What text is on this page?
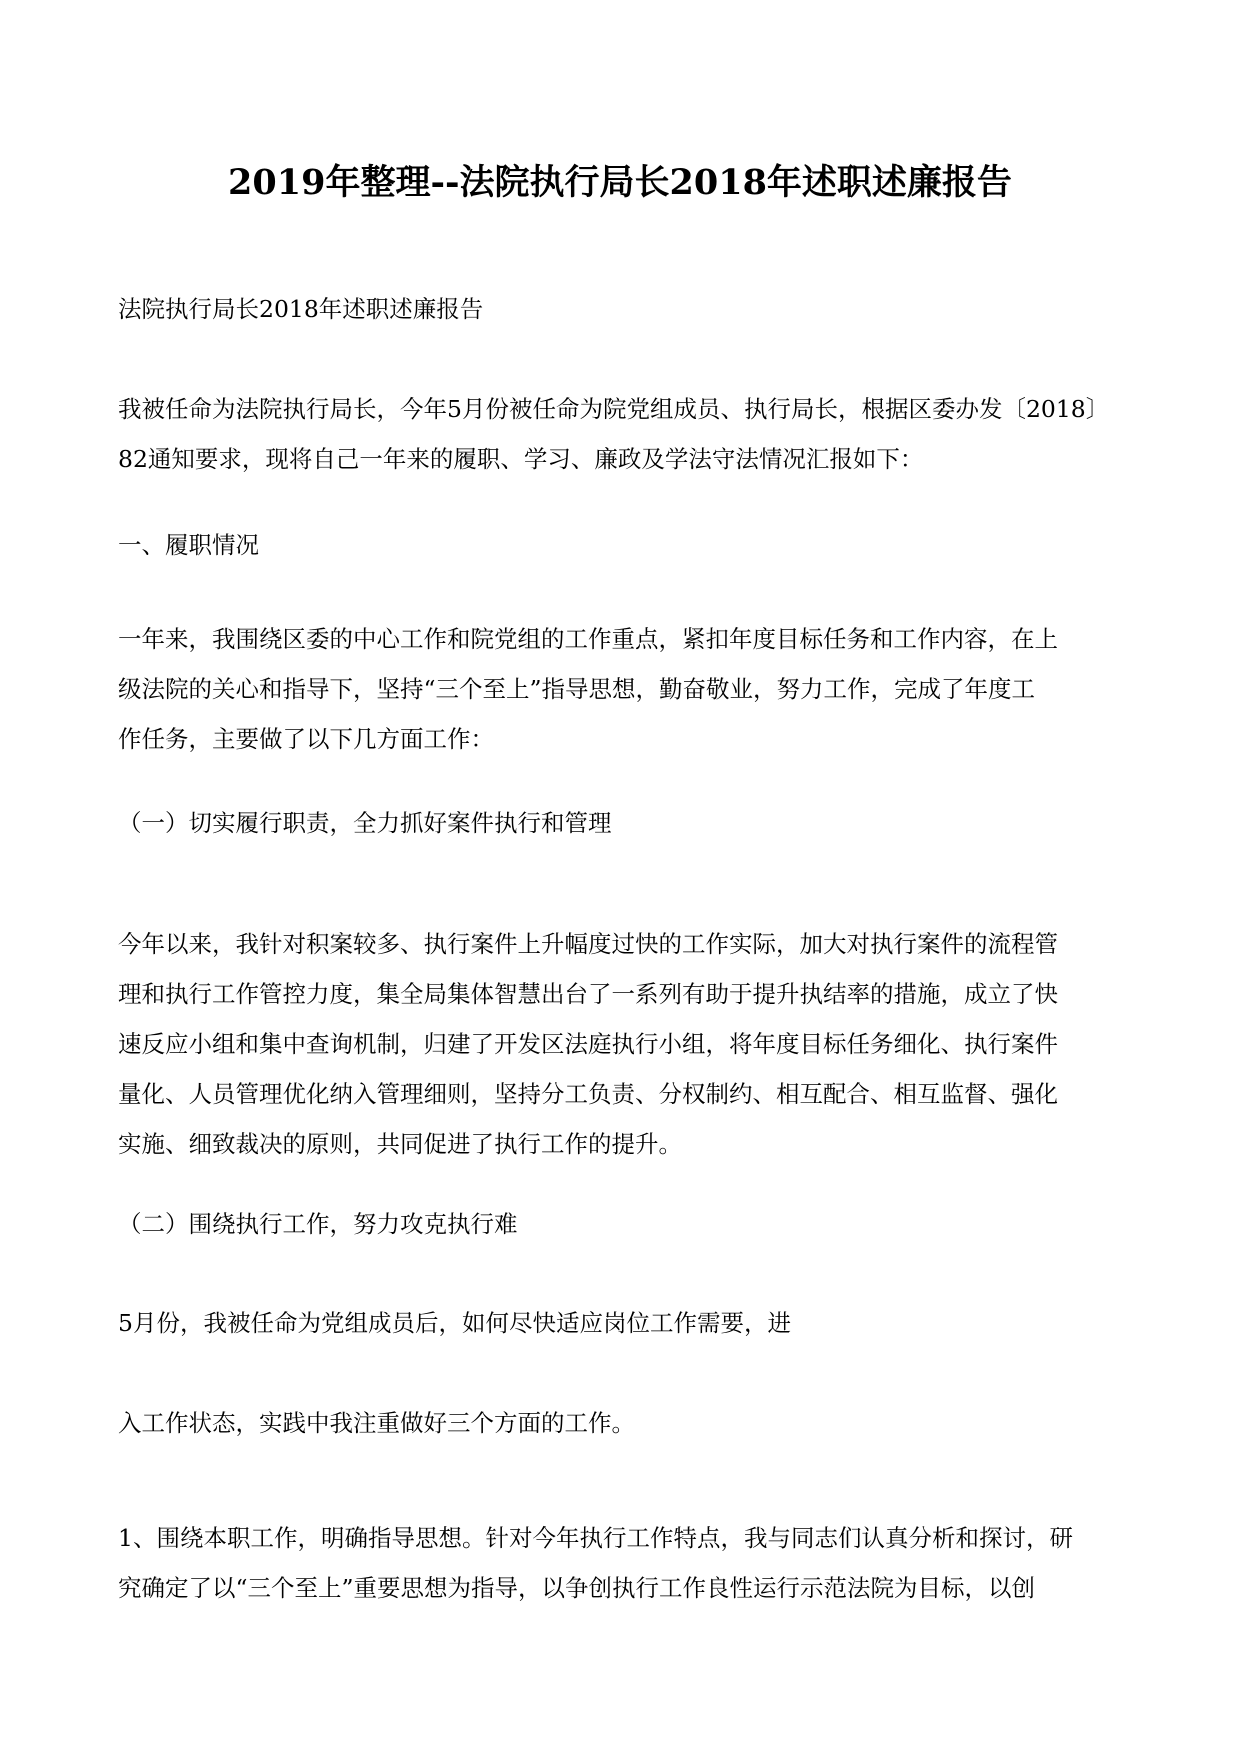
2019年整理--法院执行局长2018年述职述廉报告

法院执行局长2018年述职述廉报告

我被任命为法院执行局长，今年5月份被任命为院党组成员、执行局长，根据区委办发〔2018〕
82通知要求，现将自己一年来的履职、学习、廉政及学法守法情况汇报如下：

一、履职情况

一年来，我围绕区委的中心工作和院党组的工作重点，紧扣年度目标任务和工作内容，在上
级法院的关心和指导下，坚持“三个至上”指导思想，勤奋敬业，努力工作，完成了年度工
作任务，主要做了以下几方面工作：

（一）切实履行职责，全力抓好案件执行和管理

今年以来，我针对积案较多、执行案件上升幅度过快的工作实际，加大对执行案件的流程管
理和执行工作管控力度，集全局集体智慧出台了一系列有助于提升执结率的措施，成立了快
速反应小组和集中查询机制，归建了开发区法庭执行小组，将年度目标任务细化、执行案件
量化、人员管理优化纳入管理细则，坚持分工负责、分权制约、相互配合、相互监督、强化
实施、细致裁决的原则，共同促进了执行工作的提升。

（二）围绕执行工作，努力攻克执行难

5月份，我被任命为党组成员后，如何尽快适应岗位工作需要，进

入工作状态，实践中我注重做好三个方面的工作。

1、围绕本职工作，明确指导思想。针对今年执行工作特点，我与同志们认真分析和探讨，研
究确定了以“三个至上”重要思想为指导，以争创执行工作良性运行示范法院为目标，以创
